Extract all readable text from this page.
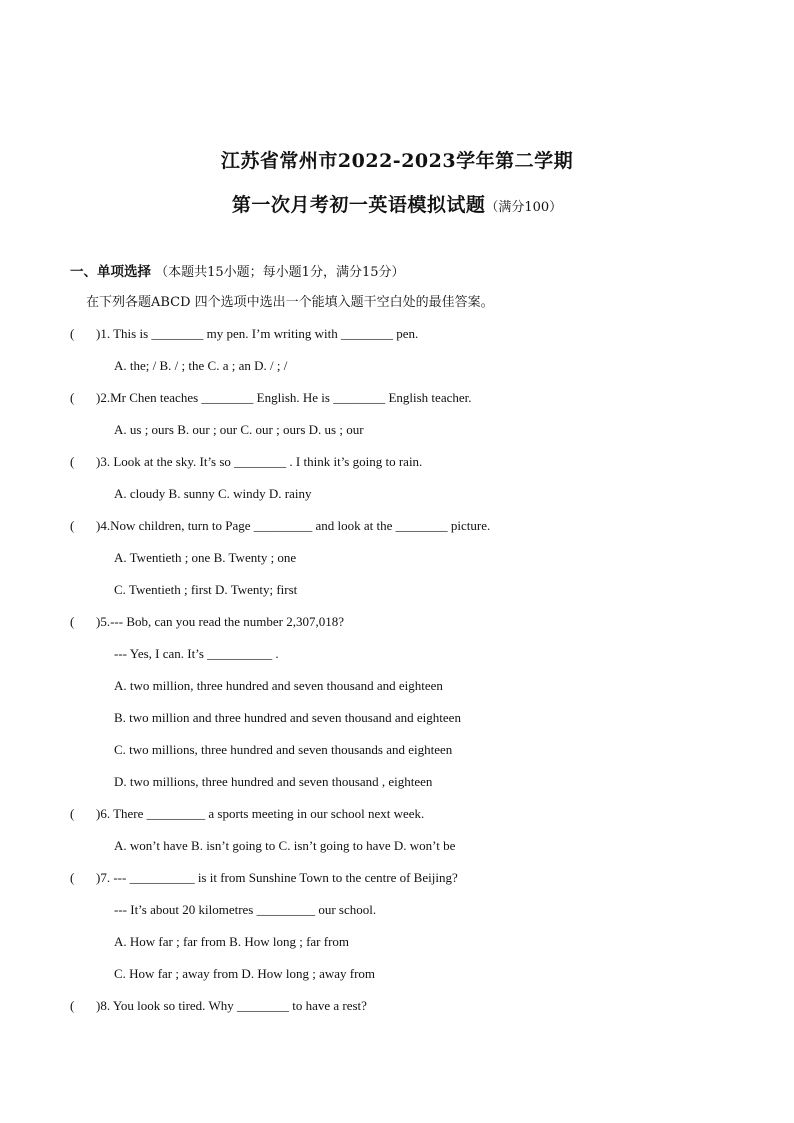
江苏省常州市2022-2023学年第二学期
第一次月考初一英语模拟试题（满分100）
一、单项选择 （本题共15小题；每小题1分，满分15分）
在下列各题ABCD 四个选项中选出一个能填入题干空白处的最佳答案。
( )1. This is ________ my pen. I’m writing with ________ pen.
A. the; / B. / ; the C. a ; an D. / ; /
( )2.Mr Chen teaches ________ English. He is ________ English teacher.
A. us ; ours B. our ; our C. our ; ours D. us ; our
( )3. Look at the sky. It’s so ________ . I think it’s going to rain.
A. cloudy B. sunny C. windy D. rainy
( )4.Now children, turn to Page _________ and look at the ________ picture.
A. Twentieth ; one B. Twenty ; one
C. Twentieth ; first D. Twenty; first
( )5.--- Bob, can you read the number 2,307,018?
--- Yes, I can. It’s __________ .
A. two million, three hundred and seven thousand and eighteen
B. two million and three hundred and seven thousand and eighteen
C. two millions, three hundred and seven thousands and eighteen
D. two millions, three hundred and seven thousand , eighteen
( )6. There _________ a sports meeting in our school next week.
A. won’t have B. isn’t going to C. isn’t going to have D. won’t be
( )7. --- __________ is it from Sunshine Town to the centre of Beijing?
--- It’s about 20 kilometres _________ our school.
A. How far ; far from B. How long ; far from
C. How far ; away from D. How long ; away from
( )8. You look so tired. Why ________ to have a rest?
